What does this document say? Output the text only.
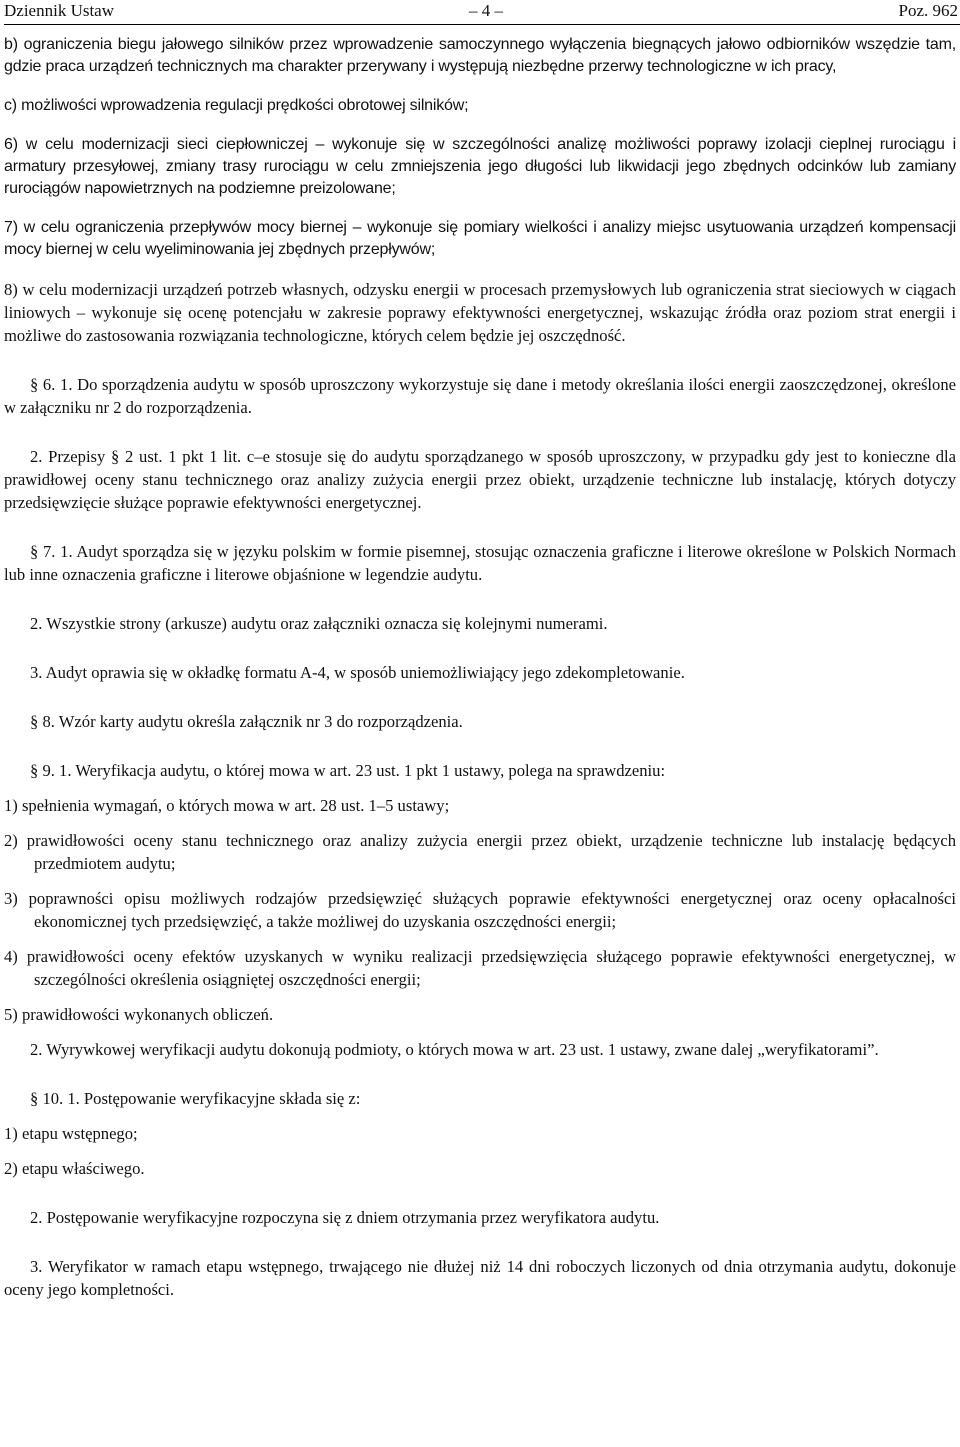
Dziennik Ustaw	– 4 –	Poz. 962

b) ograniczenia biegu jałowego silników przez wprowadzenie samoczynnego wyłączenia biegnących jałowo odbiorników wszędzie tam, gdzie praca urządzeń technicznych ma charakter przerywany i występują niezbędne przerwy technologiczne w ich pracy,

c) możliwości wprowadzenia regulacji prędkości obrotowej silników;

6) w celu modernizacji sieci ciepłowniczej – wykonuje się w szczególności analizę możliwości poprawy izolacji cieplnej rurociągu i armatury przesyłowej, zmiany trasy rurociągu w celu zmniejszenia jego długości lub likwidacji jego zbędnych odcinków lub zamiany rurociągów napowietrznych na podziemne preizolowane;

7) w celu ograniczenia przepływów mocy biernej – wykonuje się pomiary wielkości i analizy miejsc usytuowania urządzeń kompensacji mocy biernej w celu wyeliminowania jej zbędnych przepływów;

8) w celu modernizacji urządzeń potrzeb własnych, odzysku energii w procesach przemysłowych lub ograniczenia strat sieciowych w ciągach liniowych – wykonuje się ocenę potencjału w zakresie poprawy efektywności energetycznej, wskazując źródła oraz poziom strat energii i możliwe do zastosowania rozwiązania technologiczne, których celem będzie jej oszczędność.

§ 6. 1. Do sporządzenia audytu w sposób uproszczony wykorzystuje się dane i metody określania ilości energii zaoszczędzonej, określone w załączniku nr 2 do rozporządzenia.

2. Przepisy § 2 ust. 1 pkt 1 lit. c–e stosuje się do audytu sporządzanego w sposób uproszczony, w przypadku gdy jest to konieczne dla prawidłowej oceny stanu technicznego oraz analizy zużycia energii przez obiekt, urządzenie techniczne lub instalację, których dotyczy przedsięwzięcie służące poprawie efektywności energetycznej.

§ 7. 1. Audyt sporządza się w języku polskim w formie pisemnej, stosując oznaczenia graficzne i literowe określone w Polskich Normach lub inne oznaczenia graficzne i literowe objaśnione w legendzie audytu.

2. Wszystkie strony (arkusze) audytu oraz załączniki oznacza się kolejnymi numerami.

3. Audyt oprawia się w okładkę formatu A-4, w sposób uniemożliwiający jego zdekompletowanie.

§ 8. Wzór karty audytu określa załącznik nr 3 do rozporządzenia.

§ 9. 1. Weryfikacja audytu, o której mowa w art. 23 ust. 1 pkt 1 ustawy, polega na sprawdzeniu:

1) spełnienia wymagań, o których mowa w art. 28 ust. 1–5 ustawy;

2) prawidłowości oceny stanu technicznego oraz analizy zużycia energii przez obiekt, urządzenie techniczne lub instalację będących przedmiotem audytu;

3) poprawności opisu możliwych rodzajów przedsięwzięć służących poprawie efektywności energetycznej oraz oceny opłacalności ekonomicznej tych przedsięwzięć, a także możliwej do uzyskania oszczędności energii;

4) prawidłowości oceny efektów uzyskanych w wyniku realizacji przedsięwzięcia służącego poprawie efektywności energetycznej, w szczególności określenia osiągniętej oszczędności energii;

5) prawidłowości wykonanych obliczeń.

2. Wyrywkowej weryfikacji audytu dokonują podmioty, o których mowa w art. 23 ust. 1 ustawy, zwane dalej „weryfikatorami”.

§ 10. 1. Postępowanie weryfikacyjne składa się z:

1) etapu wstępnego;

2) etapu właściwego.

2. Postępowanie weryfikacyjne rozpoczyna się z dniem otrzymania przez weryfikatora audytu.

3. Weryfikator w ramach etapu wstępnego, trwającego nie dłużej niż 14 dni roboczych liczonych od dnia otrzymania audytu, dokonuje oceny jego kompletności.
